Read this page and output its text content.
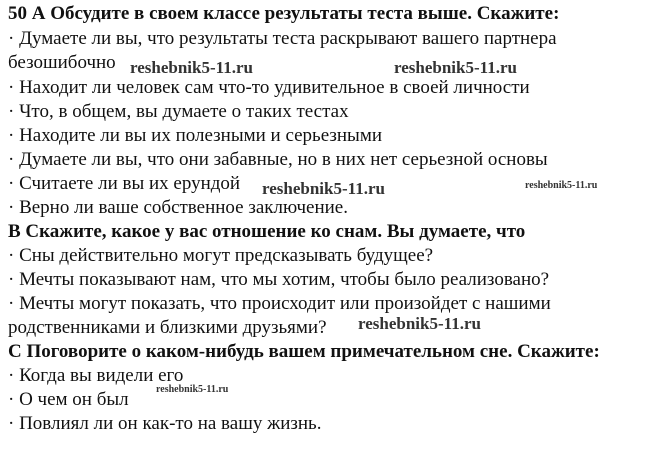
50 А Обсудите в своем классе результаты теста выше. Скажите:
· Думаете ли вы, что результаты теста раскрывают вашего партнера
безошибочно
· Находит ли человек сам что-то удивительное в своей личности
· Что, в общем, вы думаете о таких тестах
· Находите ли вы их полезными и серьезными
· Думаете ли вы, что они забавные, но в них нет серьезной основы
· Считаете ли вы их ерундой
· Верно ли ваше собственное заключение.
В Скажите, какое у вас отношение ко снам. Вы думаете, что
· Сны действительно могут предсказывать будущее?
· Мечты показывают нам, что мы хотим, чтобы было реализовано?
· Мечты могут показать, что происходит или произойдет с нашими
родственниками и близкими друзьями?
С Поговорите о каком-нибудь вашем примечательном сне. Скажите:
· Когда вы видели его
· О чем он был
· Повлиял ли он как-то на вашу жизнь.
reshebnik5-11.ru	reshebnik5-11.ru
reshebnik5-11.ru	reshebnik5-11.ru
reshebnik5-11.ru
reshebnik5-11.ru
